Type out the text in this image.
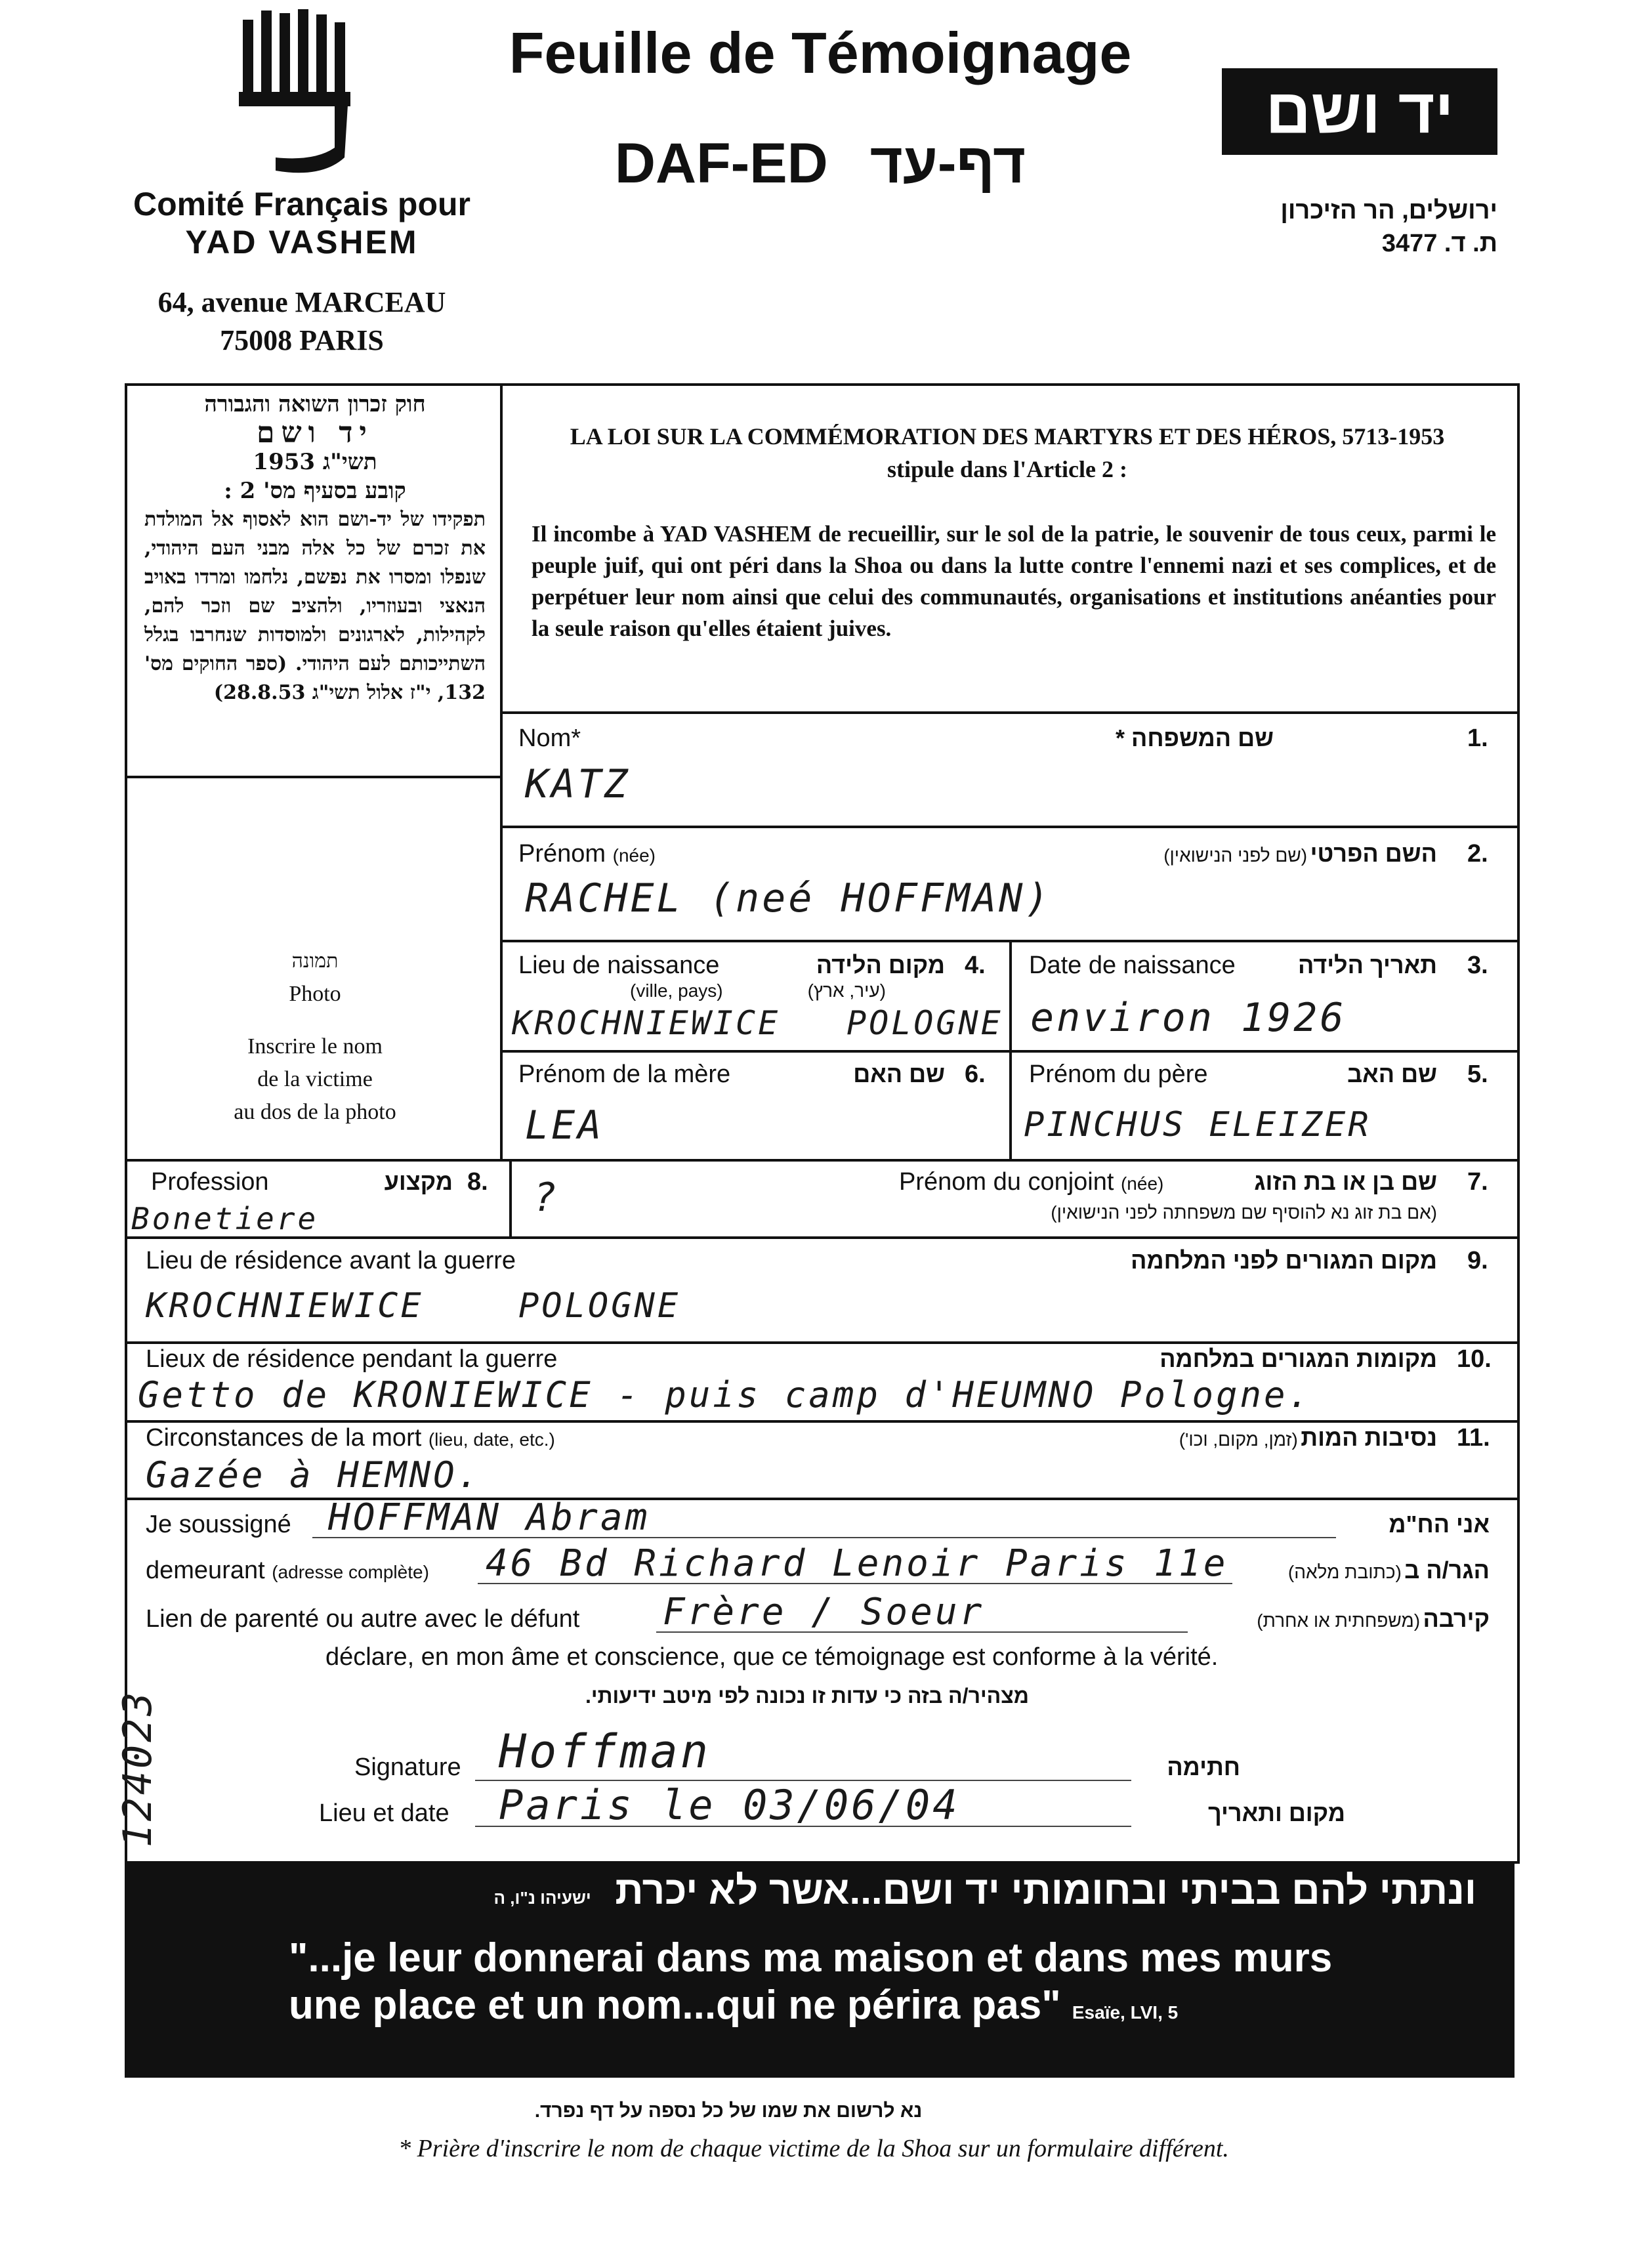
Comité Français pour
YAD VASHEM
64, avenue MARCEAU
75008 PARIS
Feuille de Témoignage
DAF-ED דף-עד
יד ושם
ירושלים, הר הזיכרון
ת. ד. 3477
חוק זכרון השואה והגבורה
יד ושם
תשי"ג 1953
קובע בסעיף מס' 2 :
תפקידו של יד-ושם הוא לאסוף אל המולדת את זכרם של כל אלה מבני העם היהודי, שנפלו ומסרו את נפשם, נלחמו ומרדו באויב הנאצי ובעוזריו, ולהציב שם וזכר להם, לקהילות, לארגונים ולמוסדות שנחרבו בגלל השתייכותם לעם היהודי. (ספר החוקים מס' 132, י"ז אלול תשי"ג 28.8.53)
LA LOI SUR LA COMMÉMORATION DES MARTYRS ET DES HÉROS, 5713-1953
stipule dans l'Article 2 :
Il incombe à YAD VASHEM de recueillir, sur le sol de la patrie, le souvenir de tous ceux, parmi le peuple juif, qui ont péri dans la Shoa ou dans la lutte contre l'ennemi nazi et ses complices, et de perpétuer leur nom ainsi que celui des communautés, organisations et institutions anéanties pour la seule raison qu'elles étaient juives.
תמונה
Photo
Inscrire le nom
de la victime
au dos de la photo
Nom*	שם המשפחה *	1.
KATZ
Prénom (née)	השם הפרטי (שם לפני הנישואין)	2.
RACHEL (neé HOFFMAN)
Lieu de naissance
(ville, pays)
מקום הלידה
(עיר, ארץ)
4.
KROCHNIEWICE POLOGNE
Date de naissance	תאריך הלידה 3.
environ 1926
Prénom de la mère	שם האם 6.
LEA
Prénom du père	שם האב 5.
PINCHUS ELEIZER
Profession	מקצוע 8.
Bonetiere	?	Prénom du conjoint (née)	שם בן או בת הזוג
(אם בת זוג נא להוסיף שם משפחתה לפני הנישואין)
7.
Lieu de résidence avant la guerre	מקום המגורים לפני המלחמה 9.
KROCHNIEWICE	POLOGNE
Lieux de résidence pendant la guerre	מקומות המגורים במלחמה 10.
Getto de KRONIEWICE - puis camp d'HEUMNO Pologne.
Circonstances de la mort (lieu, date, etc.)	נסיבות המות (זמן, מקום, וכו')	11.
Gazée à HEMNO.
Je soussigné	אני הח"מ
HOFFMAN Abram
demeurant (adresse complète)	הגר/ה ב (כתובת מלאה)
46 Bd Richard Lenoir Paris 11e
Lien de parenté ou autre avec le défunt	קירבה (משפחתית או אחרת)
Frère / Soeur
déclare, en mon âme et conscience, que ce témoignage est conforme à la vérité.
מצהיר/ה בזה כי עדות זו נכונה לפי מיטב ידיעותי.
Signature	חתימה
Hoffman
Lieu et date	מקום ותאריך
Paris le 03/06/04
124023
ונתתי להם בביתי ובחומותי יד ושם...אשר לא יכרת ישעיהו נ"ו, ה
"...je leur donnerai dans ma maison et dans mes murs
une place et un nom...qui ne périra pas" Esaïe, LVI, 5
נא לרשום את שמו של כל נספה על דף נפרד.
* Prière d'inscrire le nom de chaque victime de la Shoa sur un formulaire différent.
